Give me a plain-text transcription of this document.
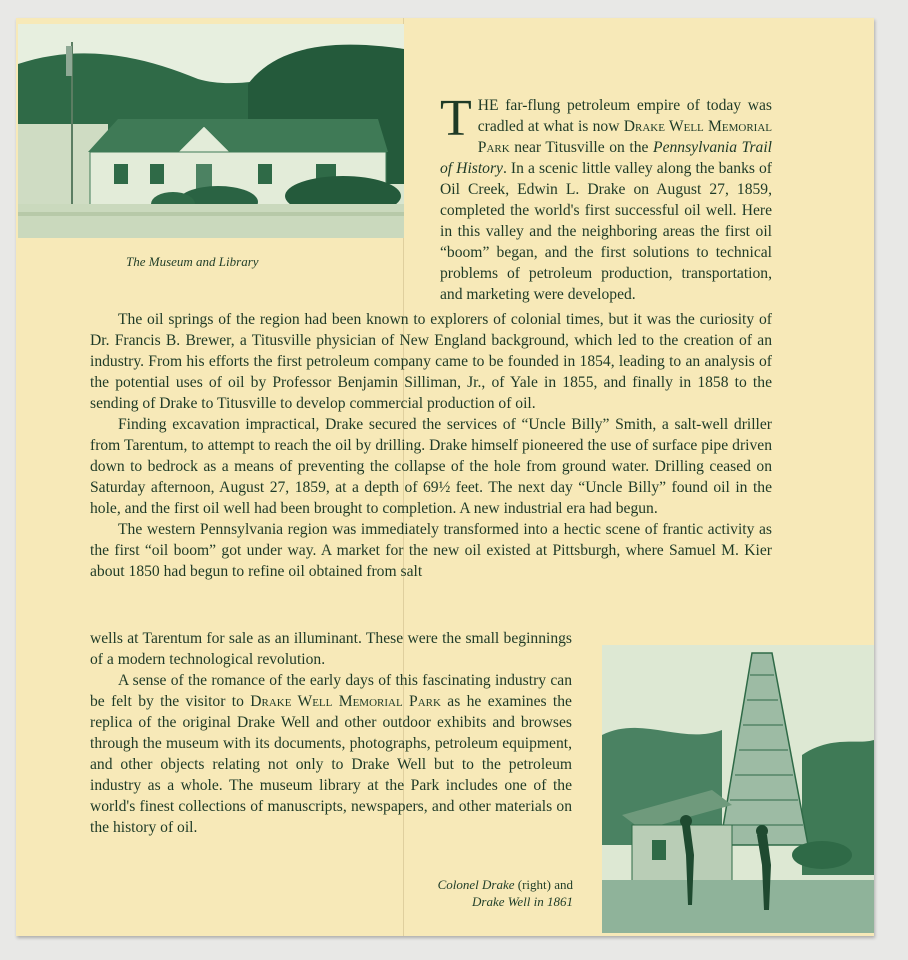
The Museum and Library
THE far-flung petroleum empire of today was cradled at what is now Drake Well Memorial Park near Titusville on the Pennsylvania Trail of History. In a scenic little valley along the banks of Oil Creek, Edwin L. Drake on August 27, 1859, completed the world's first successful oil well. Here in this valley and the neighboring areas the first oil “boom” began, and the first solutions to technical problems of petroleum production, transportation, and marketing were developed.

The oil springs of the region had been known to explorers of colonial times, but it was the curiosity of Dr. Francis B. Brewer, a Titusville physician of New England background, which led to the creation of an industry. From his efforts the first petroleum company came to be founded in 1854, leading to an analysis of the potential uses of oil by Professor Benjamin Silliman, Jr., of Yale in 1855, and finally in 1858 to the sending of Drake to Titusville to develop commercial production of oil.

Finding excavation impractical, Drake secured the services of “Uncle Billy” Smith, a salt-well driller from Tarentum, to attempt to reach the oil by drilling. Drake himself pioneered the use of surface pipe driven down to bedrock as a means of preventing the collapse of the hole from ground water. Drilling ceased on Saturday afternoon, August 27, 1859, at a depth of 69½ feet. The next day “Uncle Billy” found oil in the hole, and the first oil well had been brought to completion. A new industrial era had begun.

The western Pennsylvania region was immediately transformed into a hectic scene of frantic activity as the first “oil boom” got under way. A market for the new oil existed at Pittsburgh, where Samuel M. Kier about 1850 had begun to refine oil obtained from salt

wells at Tarentum for sale as an illuminant. These were the small beginnings of a modern technological revolution.

A sense of the romance of the early days of this fascinating industry can be felt by the visitor to Drake Well Memorial Park as he examines the replica of the original Drake Well and other outdoor exhibits and browses through the museum with its documents, photographs, petroleum equipment, and other objects relating not only to Drake Well but to the petroleum industry as a whole. The museum library at the Park includes one of the world's finest collections of manuscripts, newspapers, and other materials on the history of oil.

Colonel Drake (right) and
Drake Well in 1861
